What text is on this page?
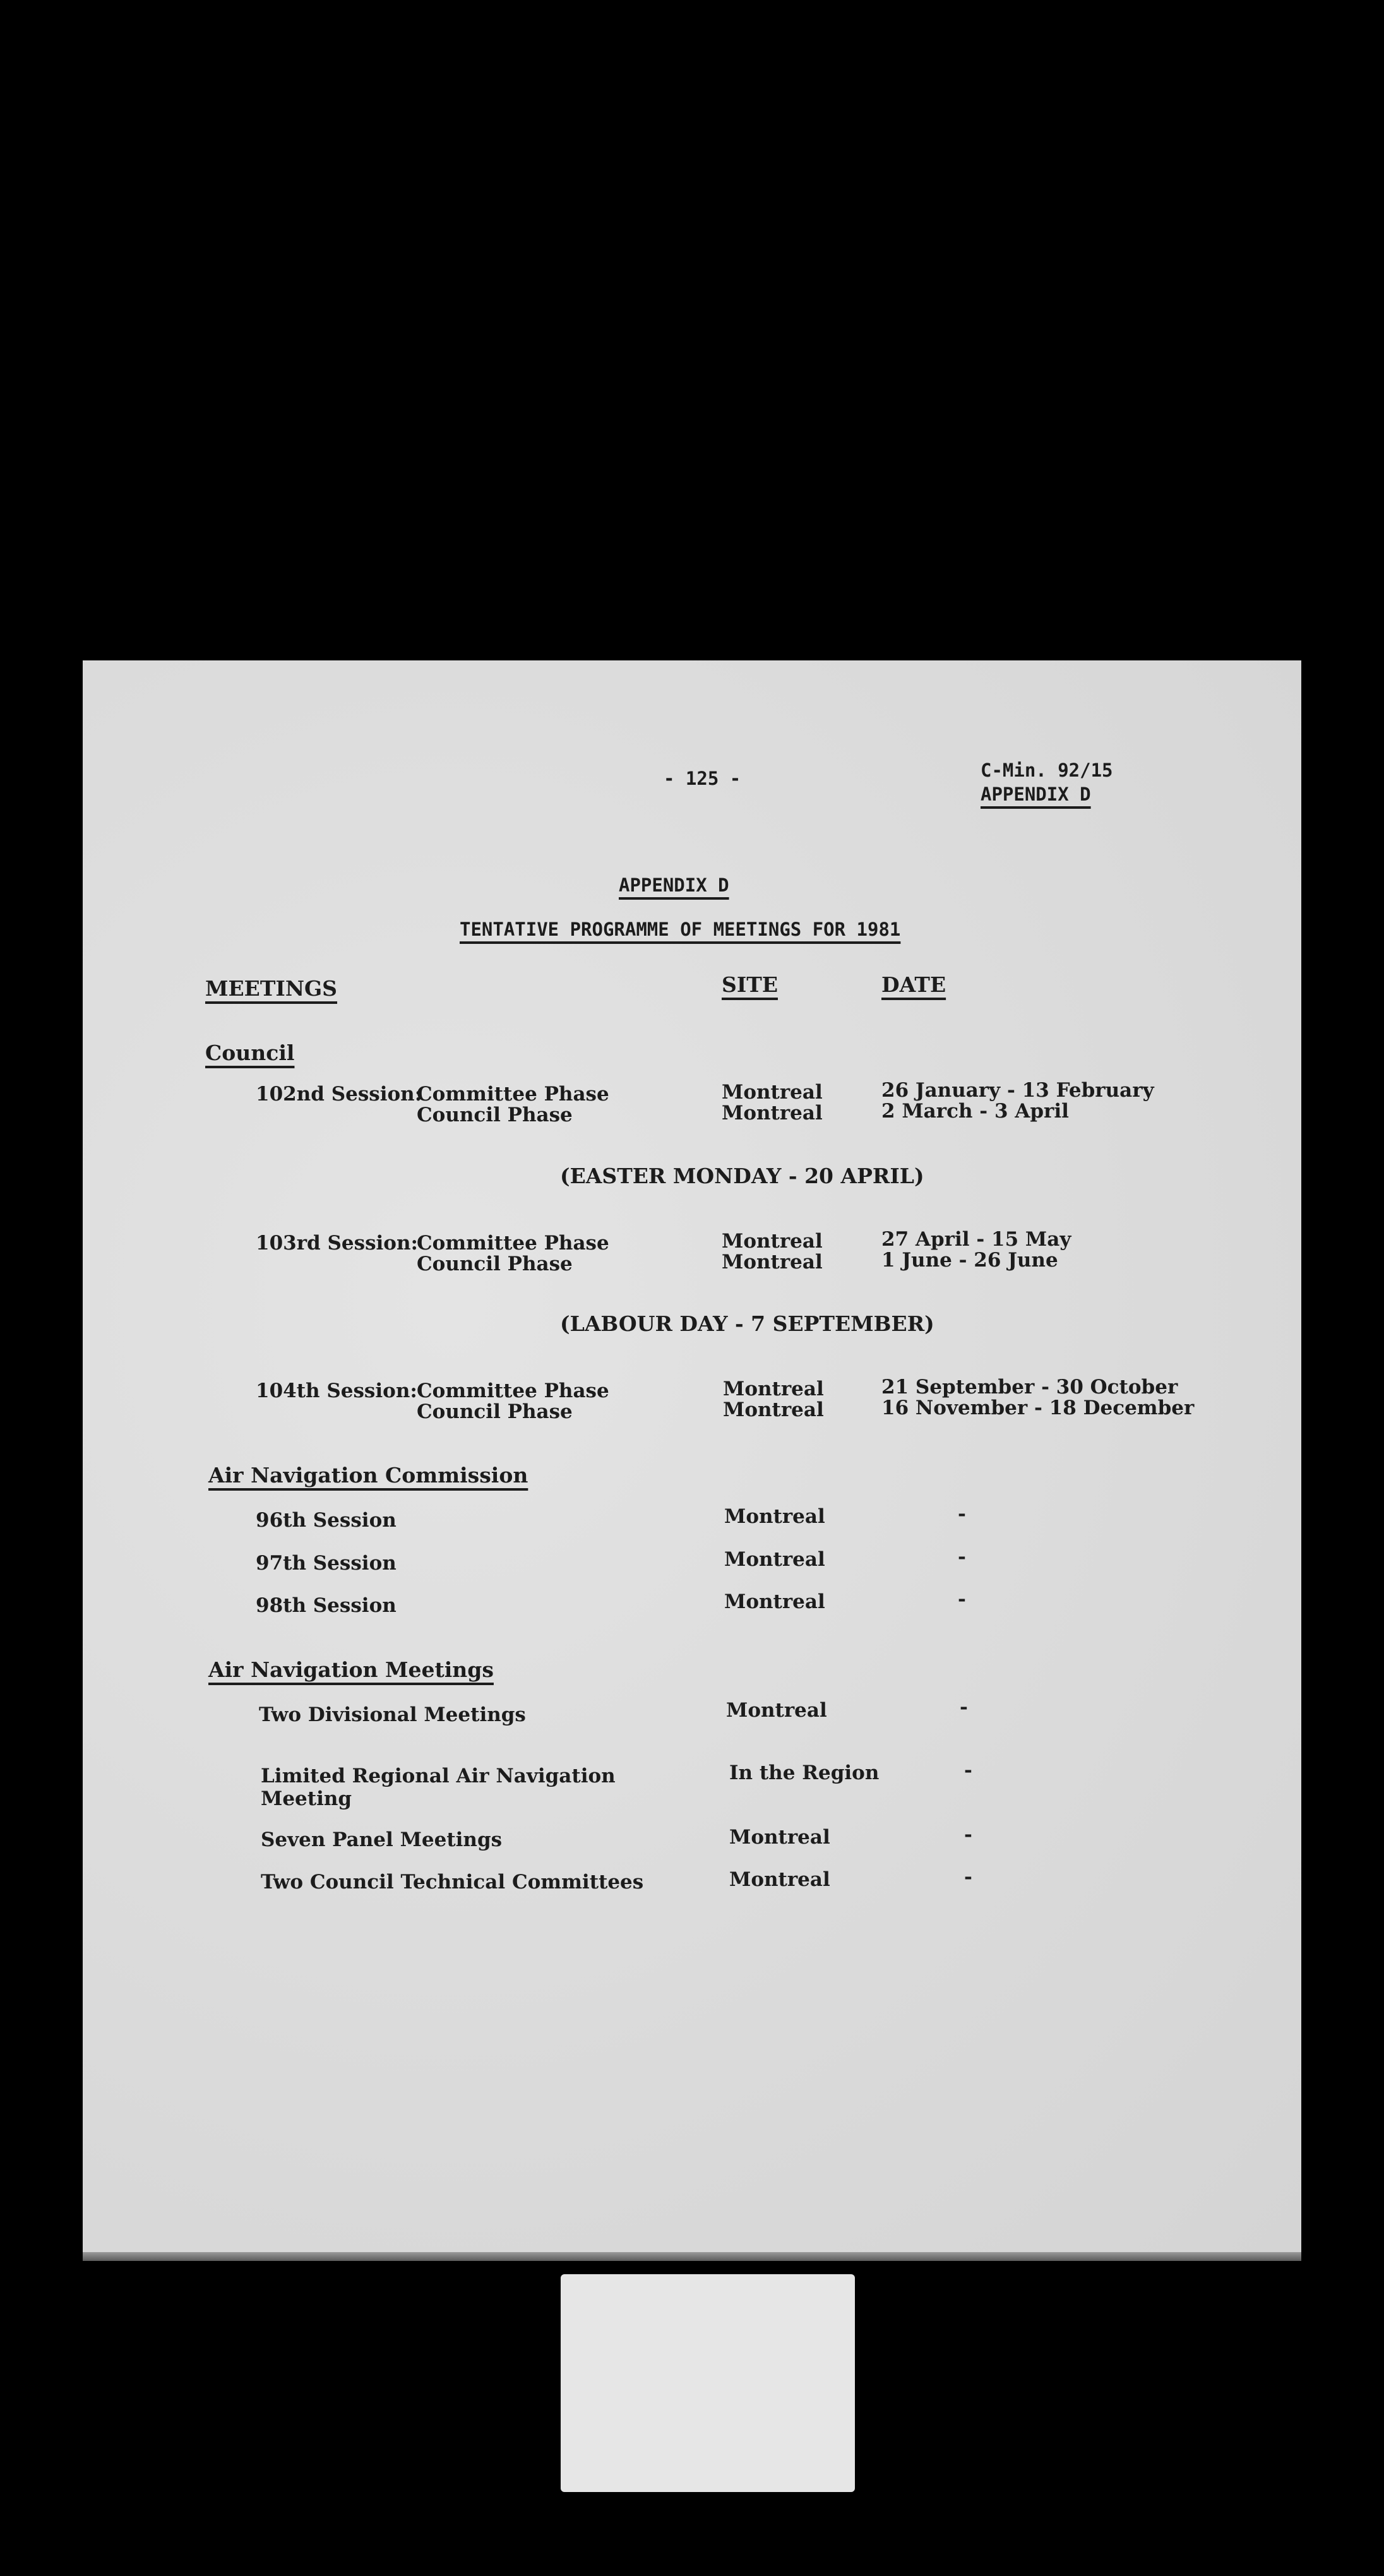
- 125 -	C-Min. 92/15
APPENDIX D
APPENDIX D
TENTATIVE PROGRAMME OF MEETINGS FOR 1981
MEETINGS	SITE	DATE
Council
102nd Session:
Committee Phase	Montreal	26 January - 13 February
Council Phase	Montreal	2 March - 3 April
(EASTER MONDAY - 20 APRIL)
103rd Session:
Committee Phase	Montreal	27 April - 15 May
Council Phase	Montreal	1 June - 26 June
(LABOUR DAY - 7 SEPTEMBER)
104th Session: Committee Phase	Montreal	21 September - 30 October
Council Phase	Montreal	16 November - 18 December
Air Navigation Commission
96th Session	Montreal	-
97th Session	Montreal	-
98th Session	Montreal	-
Air Navigation Meetings
Two Divisional Meetings	Montreal	-
Limited Regional Air Navigation
Meeting
In the Region	-
Seven Panel Meetings	Montreal	-
Two Council Technical Committees	Montreal	-
